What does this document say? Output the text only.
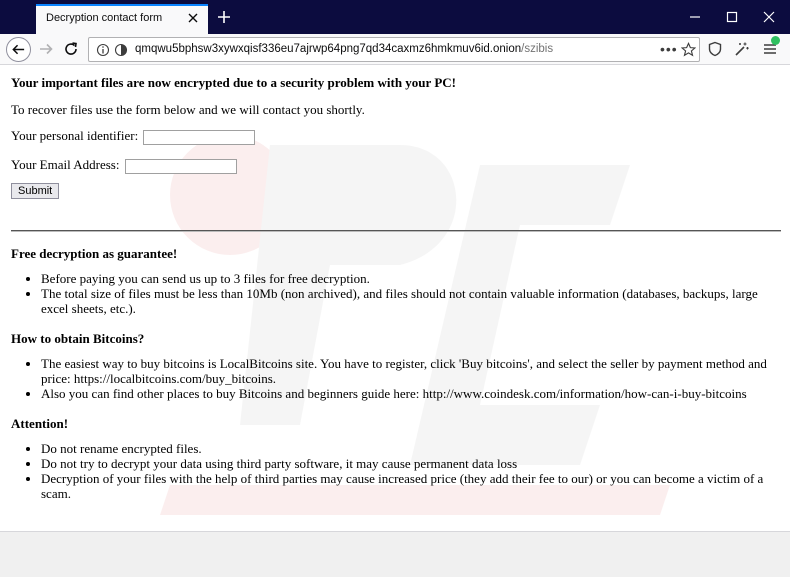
Decryption contact form
qmqwu5bphsw3xywxqisf336eu7ajrwp64png7qd34caxmz6hmkmuv6id.onion/szibis	•••
Your important files are now encrypted due to a security problem with your PC!
To recover files use the form below and we will contact you shortly.
Your personal identifier:
Your Email Address:
Submit
Free decryption as guarantee!
• Before paying you can send us up to 3 files for free decryption.
• The total size of files must be less than 10Mb (non archived), and files should not contain valuable information (databases, backups, large excel sheets, etc.).
How to obtain Bitcoins?
• The easiest way to buy bitcoins is LocalBitcoins site. You have to register, click 'Buy bitcoins', and select the seller by payment method and price: https://localbitcoins.com/buy_bitcoins.
• Also you can find other places to buy Bitcoins and beginners guide here: http://www.coindesk.com/information/how-can-i-buy-bitcoins
Attention!
• Do not rename encrypted files.
• Do not try to decrypt your data using third party software, it may cause permanent data loss
• Decryption of your files with the help of third parties may cause increased price (they add their fee to our) or you can become a victim of a scam.
